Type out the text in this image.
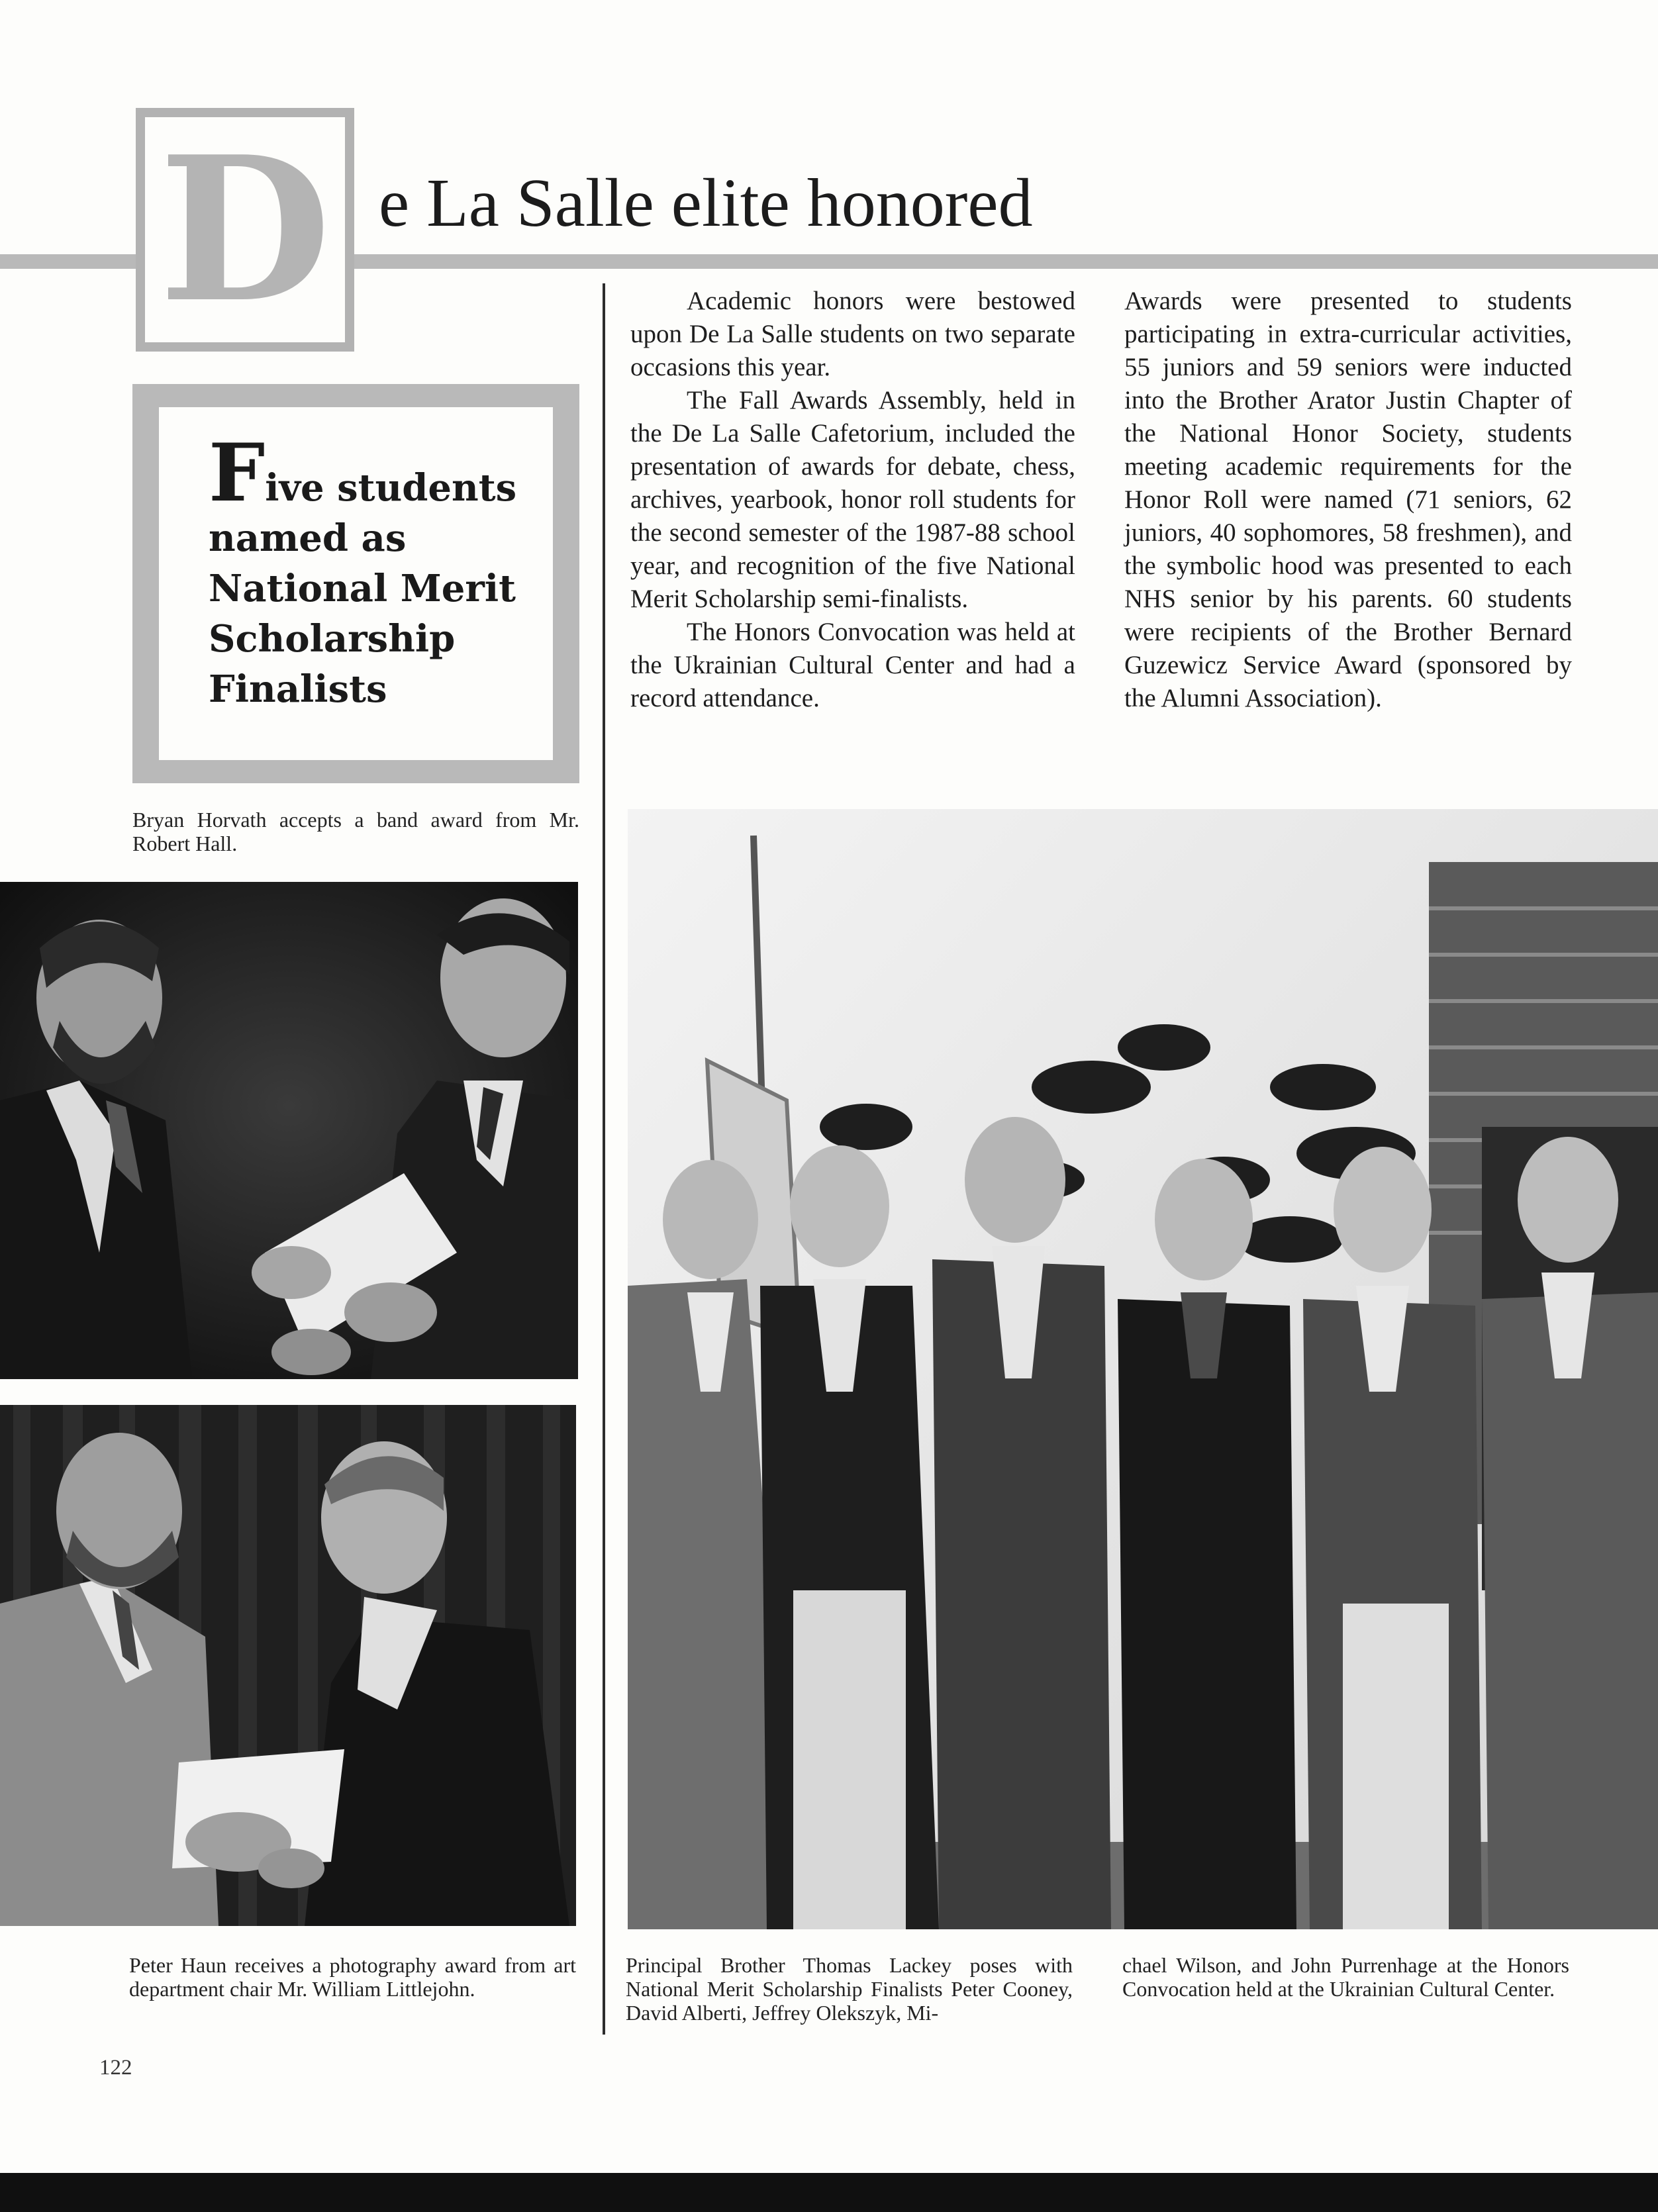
D e La Salle elite honored
Five students
named as
National Merit
Scholarship
Finalists

Academic honors were bestowed upon De La Salle students on two separate occasions this year.

The Fall Awards Assembly, held in the De La Salle Cafetorium, included the presentation of awards for debate, chess, archives, yearbook, honor roll students for the second semester of the 1987-88 school year, and recognition of the five National Merit Scholarship semi-finalists.

The Honors Convocation was held at the Ukrainian Cultural Center and had a record attendance.

Awards were presented to students participating in extra-curricular activities, 55 juniors and 59 seniors were inducted into the Brother Arator Justin Chapter of the National Honor Society, students meeting academic requirements for the Honor Roll were named (71 seniors, 62 juniors, 40 sophomores, 58 freshmen), and the symbolic hood was presented to each NHS senior by his parents. 60 students were recipients of the Brother Bernard Guzewicz Service Award (sponsored by the Alumni Association).

Bryan Horvath accepts a band award from Mr. Robert Hall.
Peter Haun receives a photography award from art department chair Mr. William Littlejohn.
Principal Brother Thomas Lackey poses with National Merit Scholarship Finalists Peter Cooney, David Alberti, Jeffrey Olekszyk, Mi-
chael Wilson, and John Purrenhage at the Honors Convocation held at the Ukrainian Cultural Center.
122
